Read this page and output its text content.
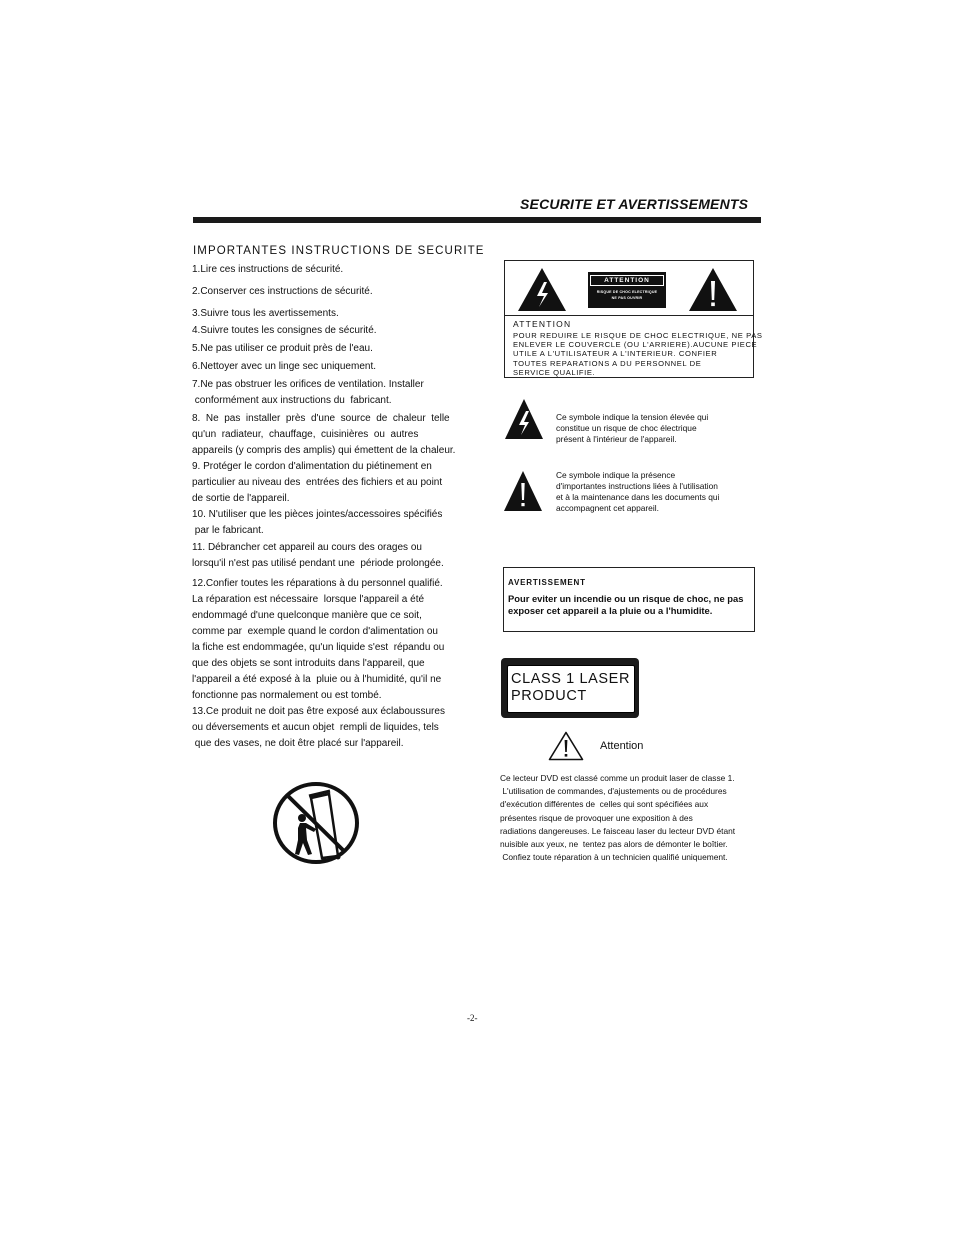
SECURITE ET AVERTISSEMENTS
IMPORTANTES INSTRUCTIONS DE SECURITE
1.Lire ces instructions de sécurité.
2.Conserver ces instructions de sécurité.
3.Suivre tous les avertissements.
4.Suivre toutes les consignes de sécurité.
5.Ne pas utiliser ce produit près de l'eau.
6.Nettoyer avec un linge sec uniquement.
7.Ne pas obstruer les orifices de ventilation. Installer
conformément aux instructions du  fabricant.
8.  Ne  pas  installer  près  d'une  source  de  chaleur  telle
qu'un  radiateur,  chauffage,  cuisinières  ou  autres
appareils (y compris des amplis) qui émettent de la chaleur.
9. Protéger le cordon d'alimentation du piétinement en
particulier au niveau des  entrées des fichiers et au point
de sortie de l'appareil.
10. N'utiliser que les pièces jointes/accessoires spécifiés
par le fabricant.
11. Débrancher cet appareil au cours des orages ou
lorsqu'il n'est pas utilisé pendant une  période prolongée.
12.Confier toutes les réparations à du personnel qualifié.
La réparation est nécessaire  lorsque l'appareil a été
endommagé d'une quelconque manière que ce soit,
comme par  exemple quand le cordon d'alimentation ou
la fiche est endommagée, qu'un liquide s'est  répandu ou
que des objets se sont introduits dans l'appareil, que
l'appareil a été exposé à la  pluie ou à l'humidité, qu'il ne
fonctionne pas normalement ou est tombé.
13.Ce produit ne doit pas être exposé aux éclaboussures
ou déversements et aucun objet  rempli de liquides, tels
que des vases, ne doit être placé sur l'appareil.
ATTENTION
RISQUE DE CHOC ELECTRIQUE
NE PAS OUVRIR
ATTENTION
POUR REDUIRE LE RISQUE DE CHOC ELECTRIQUE, NE PAS
ENLEVER LE COUVERCLE (OU L'ARRIERE).AUCUNE PIECE
UTILE A L'UTILISATEUR A L'INTERIEUR. CONFIER
TOUTES REPARATIONS A DU PERSONNEL DE
SERVICE QUALIFIE.
Ce symbole indique la tension élevée qui
constitue un risque de choc électrique
présent à l'intérieur de l'appareil.
Ce symbole indique la présence
d'importantes instructions liées à l'utilisation
et à la maintenance dans les documents qui
accompagnent cet appareil.
AVERTISSEMENT
Pour eviter un incendie ou un risque de choc, ne pas
exposer cet appareil a la pluie ou a l'humidite.
CLASS 1 LASER
PRODUCT
Attention
Ce lecteur DVD est classé comme un produit laser de classe 1.
L'utilisation de commandes, d'ajustements ou de procédures
d'exécution différentes de  celles qui sont spécifiées aux
présentes risque de provoquer une exposition à des
radiations dangereuses. Le faisceau laser du lecteur DVD étant
nuisible aux yeux, ne  tentez pas alors de démonter le boîtier.
Confiez toute réparation à un technicien qualifié uniquement.
-2-
